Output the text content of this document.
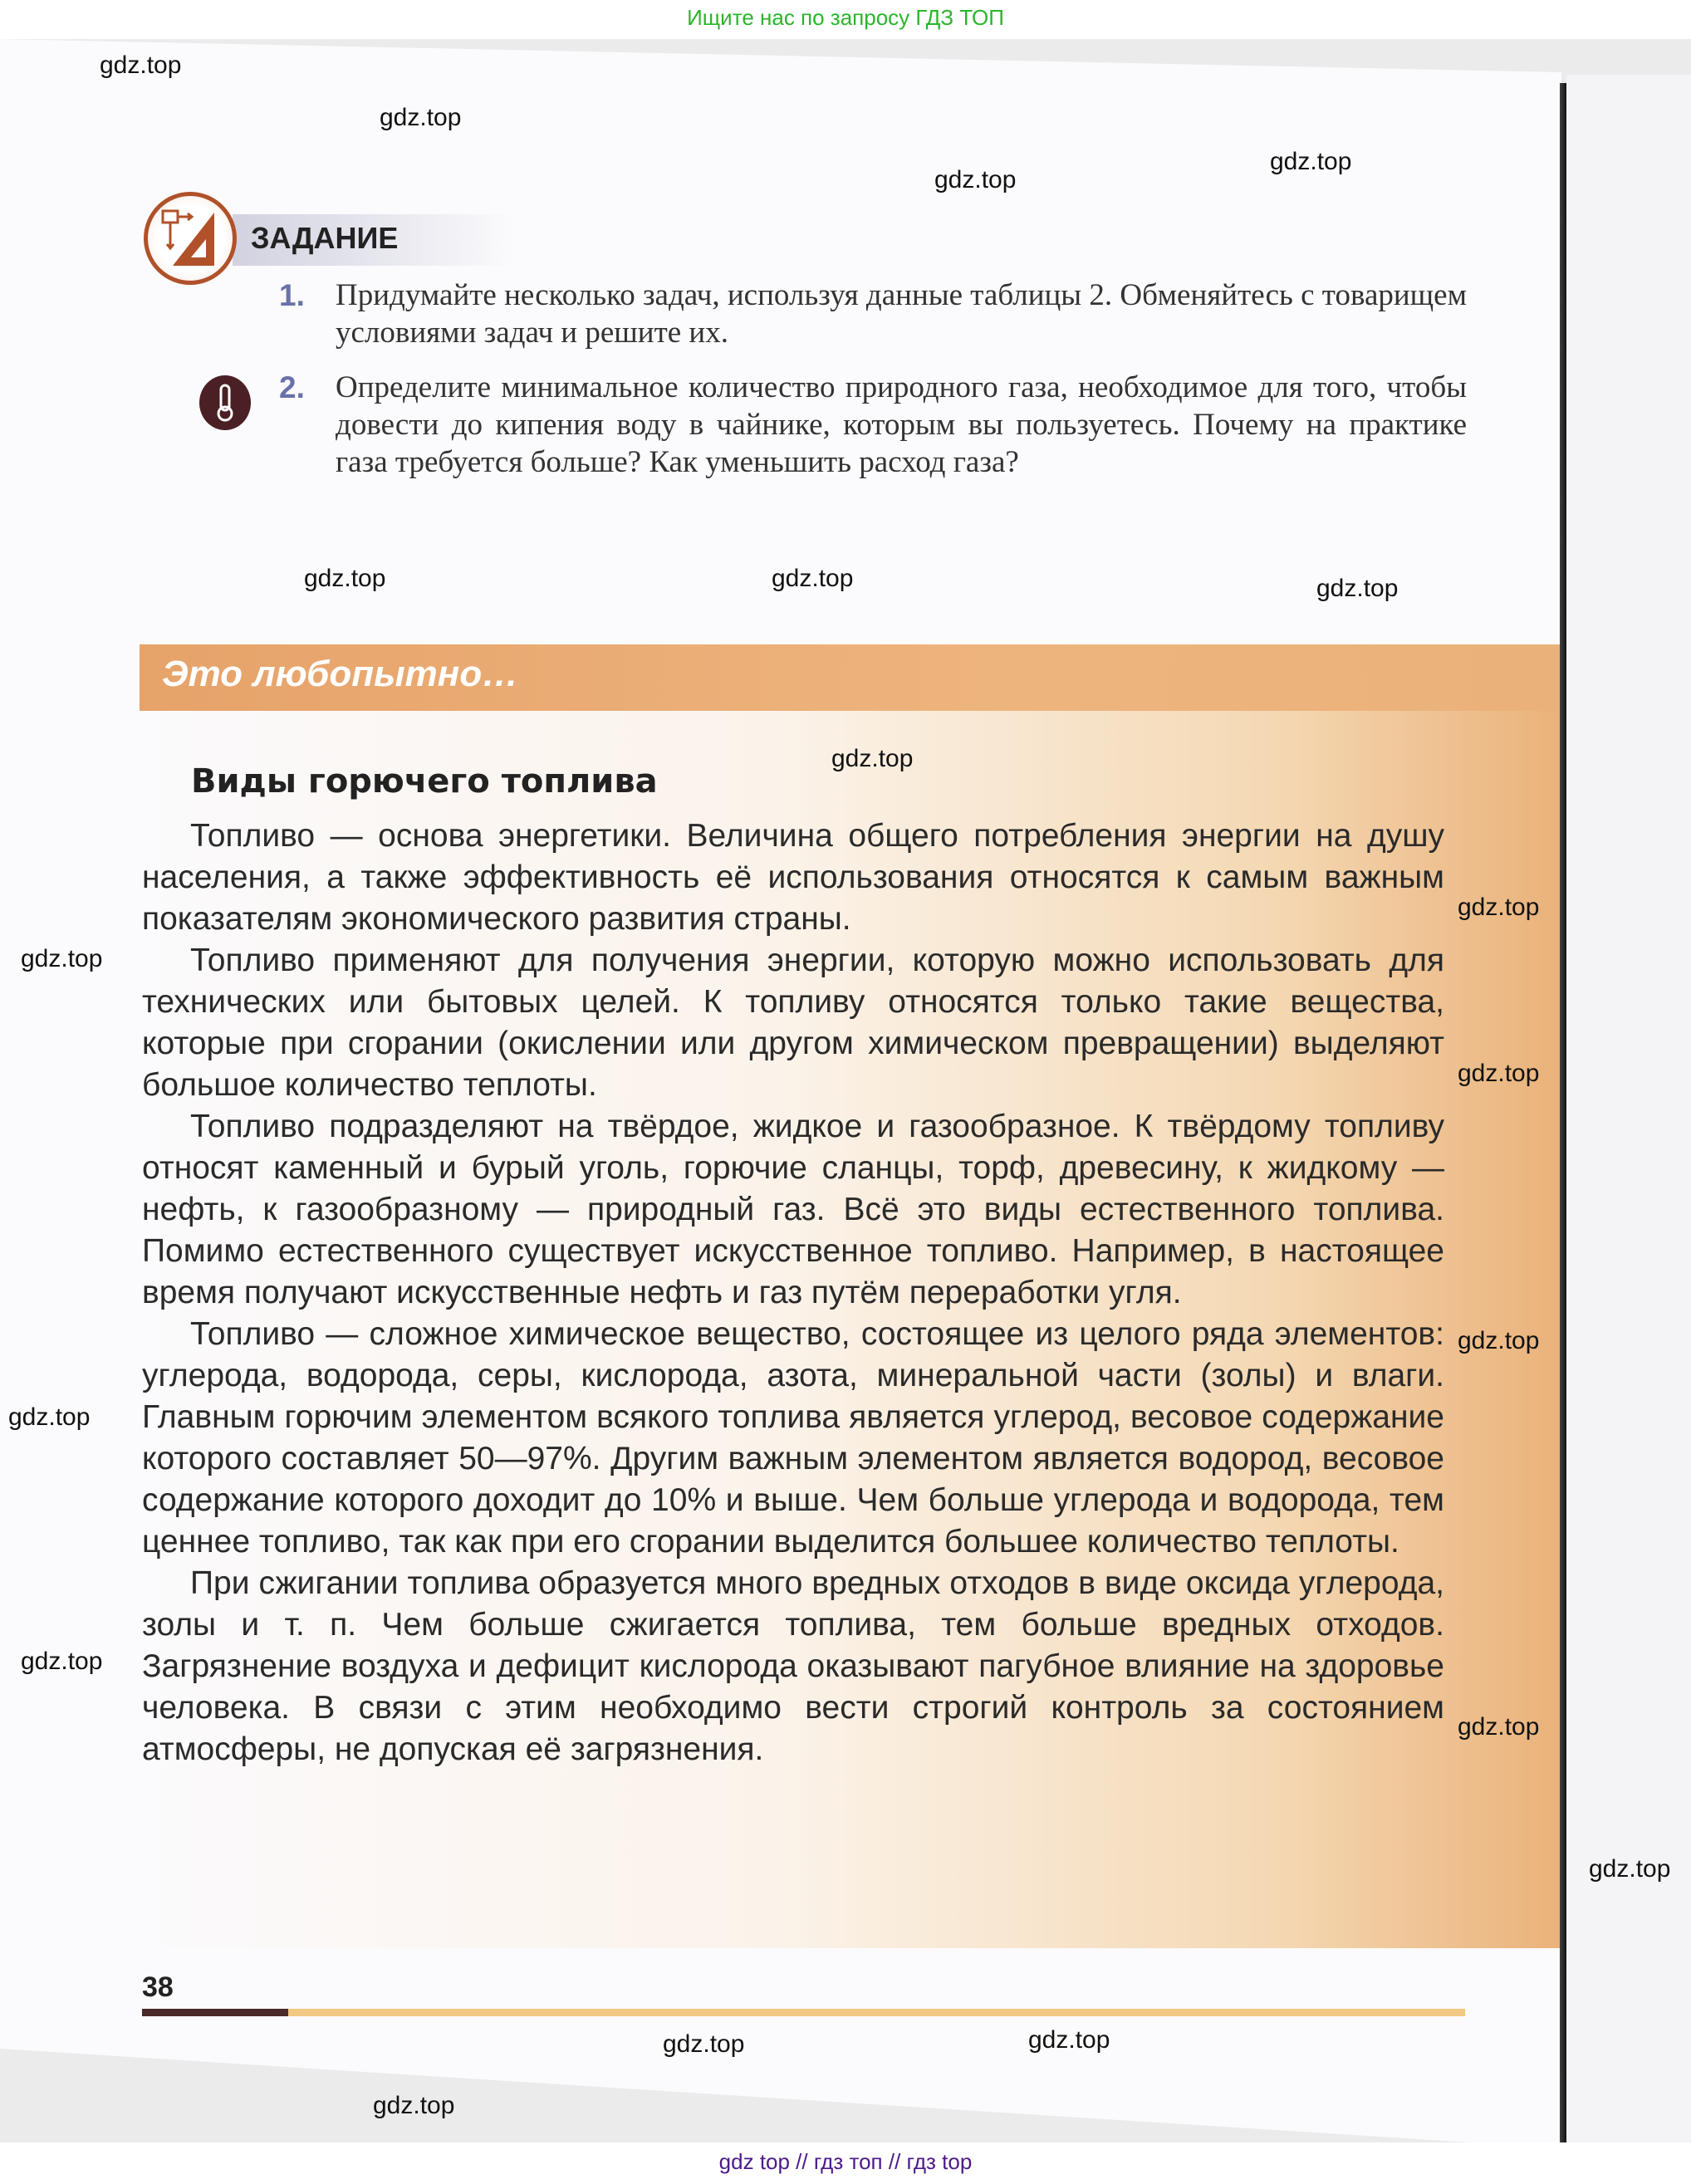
Ищите нас по запросу ГДЗ ТОП
ЗАДАНИЕ
1. Придумайте несколько задач, используя данные таблицы 2. Обменяйтесь с товарищем условиями задач и решите их.
2. Определите минимальное количество природного газа, необходимое для того, чтобы довести до кипения воду в чайнике, которым вы пользуетесь. Почему на практике газа требуется больше? Как уменьшить расход газа?
Это любопытно…
Виды горючего топлива

Топливо — основа энергетики. Величина общего потребления энергии на душу населения, а также эффективность её использования относятся к самым важным показателям экономического развития страны.

Топливо применяют для получения энергии, которую можно использовать для технических или бытовых целей. К топливу относятся только такие вещества, которые при сгорании (окислении или другом химическом превращении) выделяют большое количество теплоты.

Топливо подразделяют на твёрдое, жидкое и газообразное. К твёрдому топливу относят каменный и бурый уголь, горючие сланцы, торф, древесину, к жидкому — нефть, к газообразному — природный газ. Всё это виды естественного топлива. Помимо естественного существует искусственное топливо. Например, в настоящее время получают искусственные нефть и газ путём переработки угля.

Топливо — сложное химическое вещество, состоящее из целого ряда элементов: углерода, водорода, серы, кислорода, азота, минеральной части (золы) и влаги. Главным горючим элементом всякого топлива является углерод, весовое содержание которого составляет 50—97%. Другим важным элементом является водород, весовое содержание которого доходит до 10% и выше. Чем больше углерода и водорода, тем ценнее топливо, так как при его сгорании выделится большее количество теплоты.

При сжигании топлива образуется много вредных отходов в виде оксида углерода, золы и т. п. Чем больше сжигается топлива, тем больше вредных отходов. Загрязнение воздуха и дефицит кислорода оказывают пагубное влияние на здоровье человека. В связи с этим необходимо вести строгий контроль за состоянием атмосферы, не допуская её загрязнения.

38
gdz.top
gdz.top
gdz.top
gdz.top
gdz.top
gdz.top	gdz.top
gdz.top
gdz.top
gdz.top
gdz.top
gdz.top
gdz.top
gdz.top
gdz.top
gdz.top
gdz.top	gdz.top
gdz.top
gdz top // гдз топ // гдз top
